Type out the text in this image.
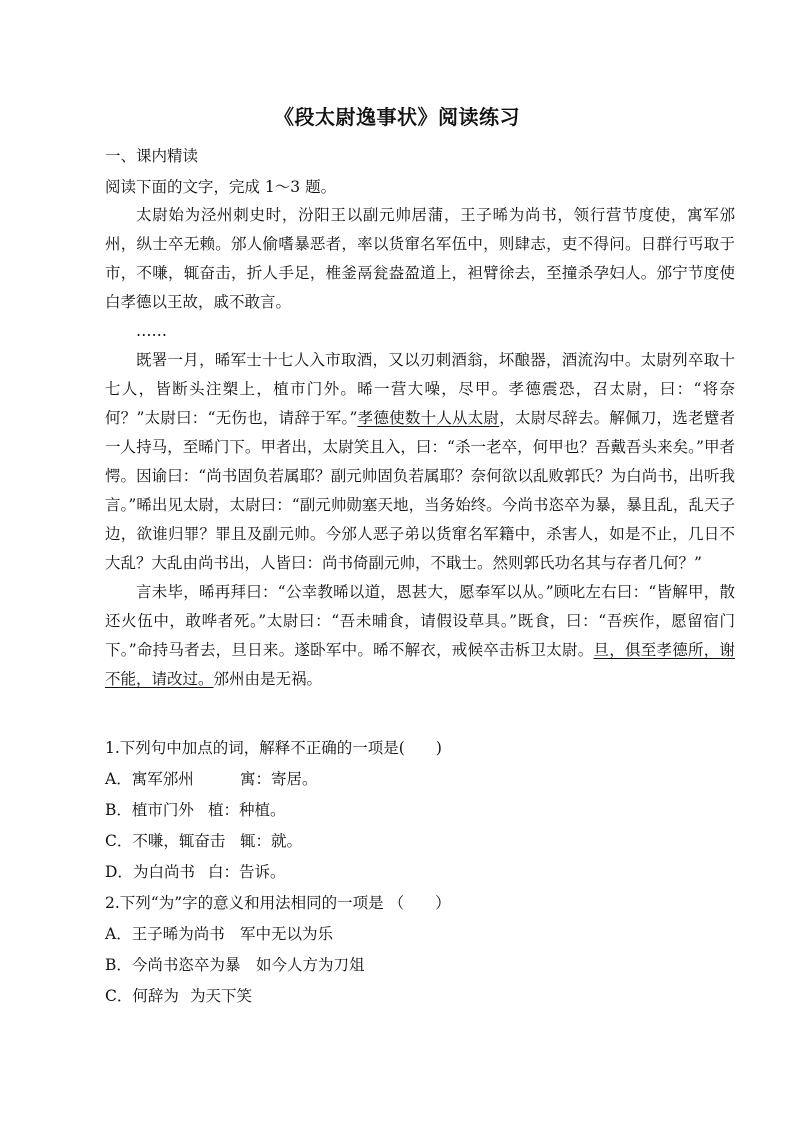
《段太尉逸事状》阅读练习
一、课内精读
阅读下面的文字，完成 1～3 题。

太尉始为泾州刺史时，汾阳王以副元帅居蒲，王子晞为尚书，领行营节度使，寓军邠州，纵士卒无赖。邠人偷嗜暴恶者，率以货窜名军伍中，则肆志，吏不得问。日群行丐取于市，不嗛，辄奋击，折人手足，椎釜鬲瓮盎盈道上，袒臂徐去，至撞杀孕妇人。邠宁节度使白孝德以王故，戚不敢言。

……

既署一月，晞军士十七人入市取酒，又以刃刺酒翁，坏酿器，酒流沟中。太尉列卒取十七人，皆断头注槊上，植市门外。晞一营大噪，尽甲。孝德震恐，召太尉，曰：“将奈何？”太尉曰：“无伤也，请辞于军。”孝德使数十人从太尉，太尉尽辞去。解佩刀，选老躄者一人持马，至晞门下。甲者出，太尉笑且入，曰：“杀一老卒，何甲也？吾戴吾头来矣。”甲者愕。因谕曰：“尚书固负若属耶？副元帅固负若属耶？奈何欲以乱败郭氏？为白尚书，出听我言。”晞出见太尉，太尉曰：“副元帅勋塞天地，当务始终。今尚书恣卒为暴，暴且乱，乱天子边，欲谁归罪？罪且及副元帅。今邠人恶子弟以货窜名军籍中，杀害人，如是不止，几日不大乱？大乱由尚书出，人皆曰：尚书倚副元帅，不戢士。然则郭氏功名其与存者几何？”

言未毕，晞再拜曰：“公幸教晞以道，恩甚大，愿奉军以从。”顾叱左右曰：“皆解甲，散还火伍中，敢哗者死。”太尉曰：“吾未晡食，请假设草具。”既食，曰：“吾疾作，愿留宿门下。”命持马者去，旦日来。遂卧军中。晞不解衣，戒候卒击柝卫太尉。旦，俱至孝德所，谢不能，请改过。邠州由是无祸。

1.下列句中加点的词，解释不正确的一项是(　　)
A．寓军邠州	寓：寄居。
B．植市门外 植：种植。
C．不嗛，辄奋击 辄：就。
D．为白尚书 白：告诉。
2.下列“为”字的意义和用法相同的一项是 （　　）
A．王子晞为尚书 军中无以为乐
B．今尚书恣卒为暴 如今人方为刀俎
C．何辞为 为天下笑
